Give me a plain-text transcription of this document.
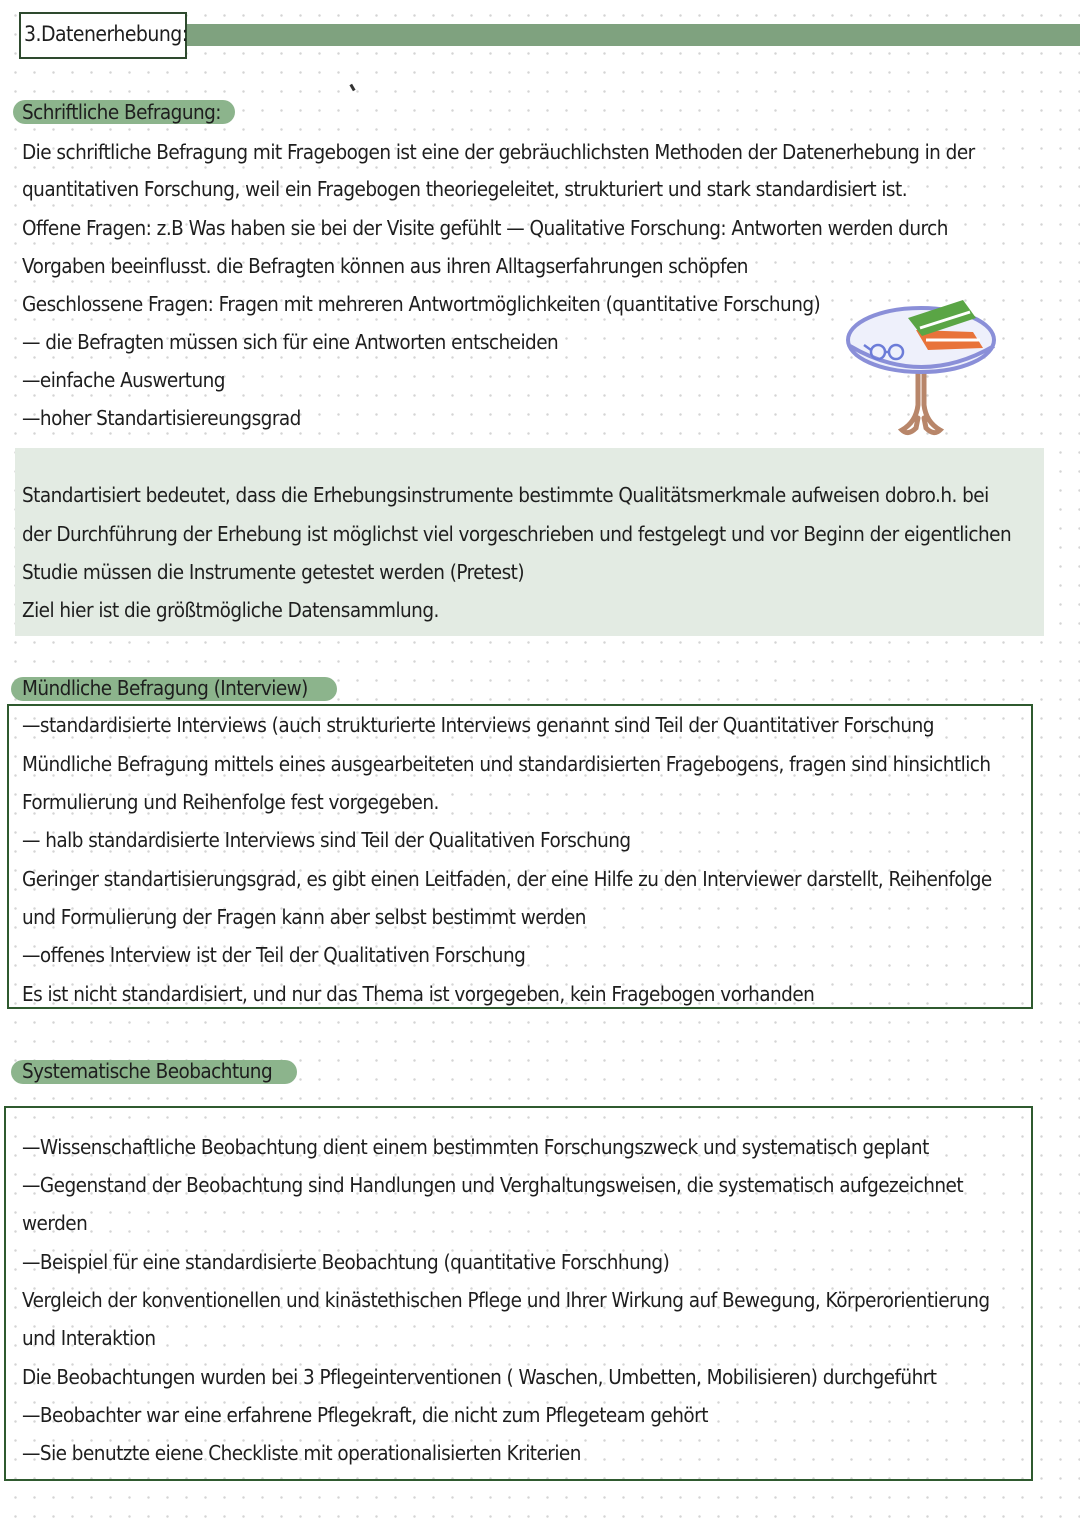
3.Datenerhebung:
Schriftliche Befragung:
Die schriftliche Befragung mit Fragebogen ist eine der gebräuchlichsten Methoden der Datenerhebung in der
quantitativen Forschung, weil ein Fragebogen theoriegeleitet, strukturiert und stark standardisiert ist.
Offene Fragen: z.B Was haben sie bei der Visite gefühlt — Qualitative Forschung: Antworten werden durch
Vorgaben beeinflusst. die Befragten können aus ihren Alltagserfahrungen schöpfen
Geschlossene Fragen: Fragen mit mehreren Antwortmöglichkeiten (quantitative Forschung)
— die Befragten müssen sich für eine Antworten entscheiden
—einfache Auswertung
—hoher Standartisiereungsgrad
Standartisiert bedeutet, dass die Erhebungsinstrumente bestimmte Qualitätsmerkmale aufweisen dobro.h. bei
der Durchführung der Erhebung ist möglichst viel vorgeschrieben und festgelegt und vor Beginn der eigentlichen
Studie müssen die Instrumente getestet werden (Pretest)
Ziel hier ist die größtmögliche Datensammlung.
Mündliche Befragung (Interview)
—standardisierte Interviews (auch strukturierte Interviews genannt sind Teil der Quantitativer Forschung
Mündliche Befragung mittels eines ausgearbeiteten und standardisierten Fragebogens, fragen sind hinsichtlich
Formulierung und Reihenfolge fest vorgegeben.
— halb standardisierte Interviews sind Teil der Qualitativen Forschung
Geringer standartisierungsgrad, es gibt einen Leitfaden, der eine Hilfe zu den Interviewer darstellt, Reihenfolge
und Formulierung der Fragen kann aber selbst bestimmt werden
—offenes Interview ist der Teil der Qualitativen Forschung
Es ist nicht standardisiert, und nur das Thema ist vorgegeben, kein Fragebogen vorhanden
Systematische Beobachtung
—Wissenschaftliche Beobachtung dient einem bestimmten Forschungszweck und systematisch geplant
—Gegenstand der Beobachtung sind Handlungen und Verghaltungsweisen, die systematisch aufgezeichnet
werden
—Beispiel für eine standardisierte Beobachtung (quantitative Forschhung)
Vergleich der konventionellen und kinästethischen Pflege und Ihrer Wirkung auf Bewegung, Körperorientierung
und Interaktion
Die Beobachtungen wurden bei 3 Pflegeinterventionen ( Waschen, Umbetten, Mobilisieren) durchgeführt
—Beobachter war eine erfahrene Pflegekraft, die nicht zum Pflegeteam gehört
—Sie benutzte eiene Checkliste mit operationalisierten Kriterien
